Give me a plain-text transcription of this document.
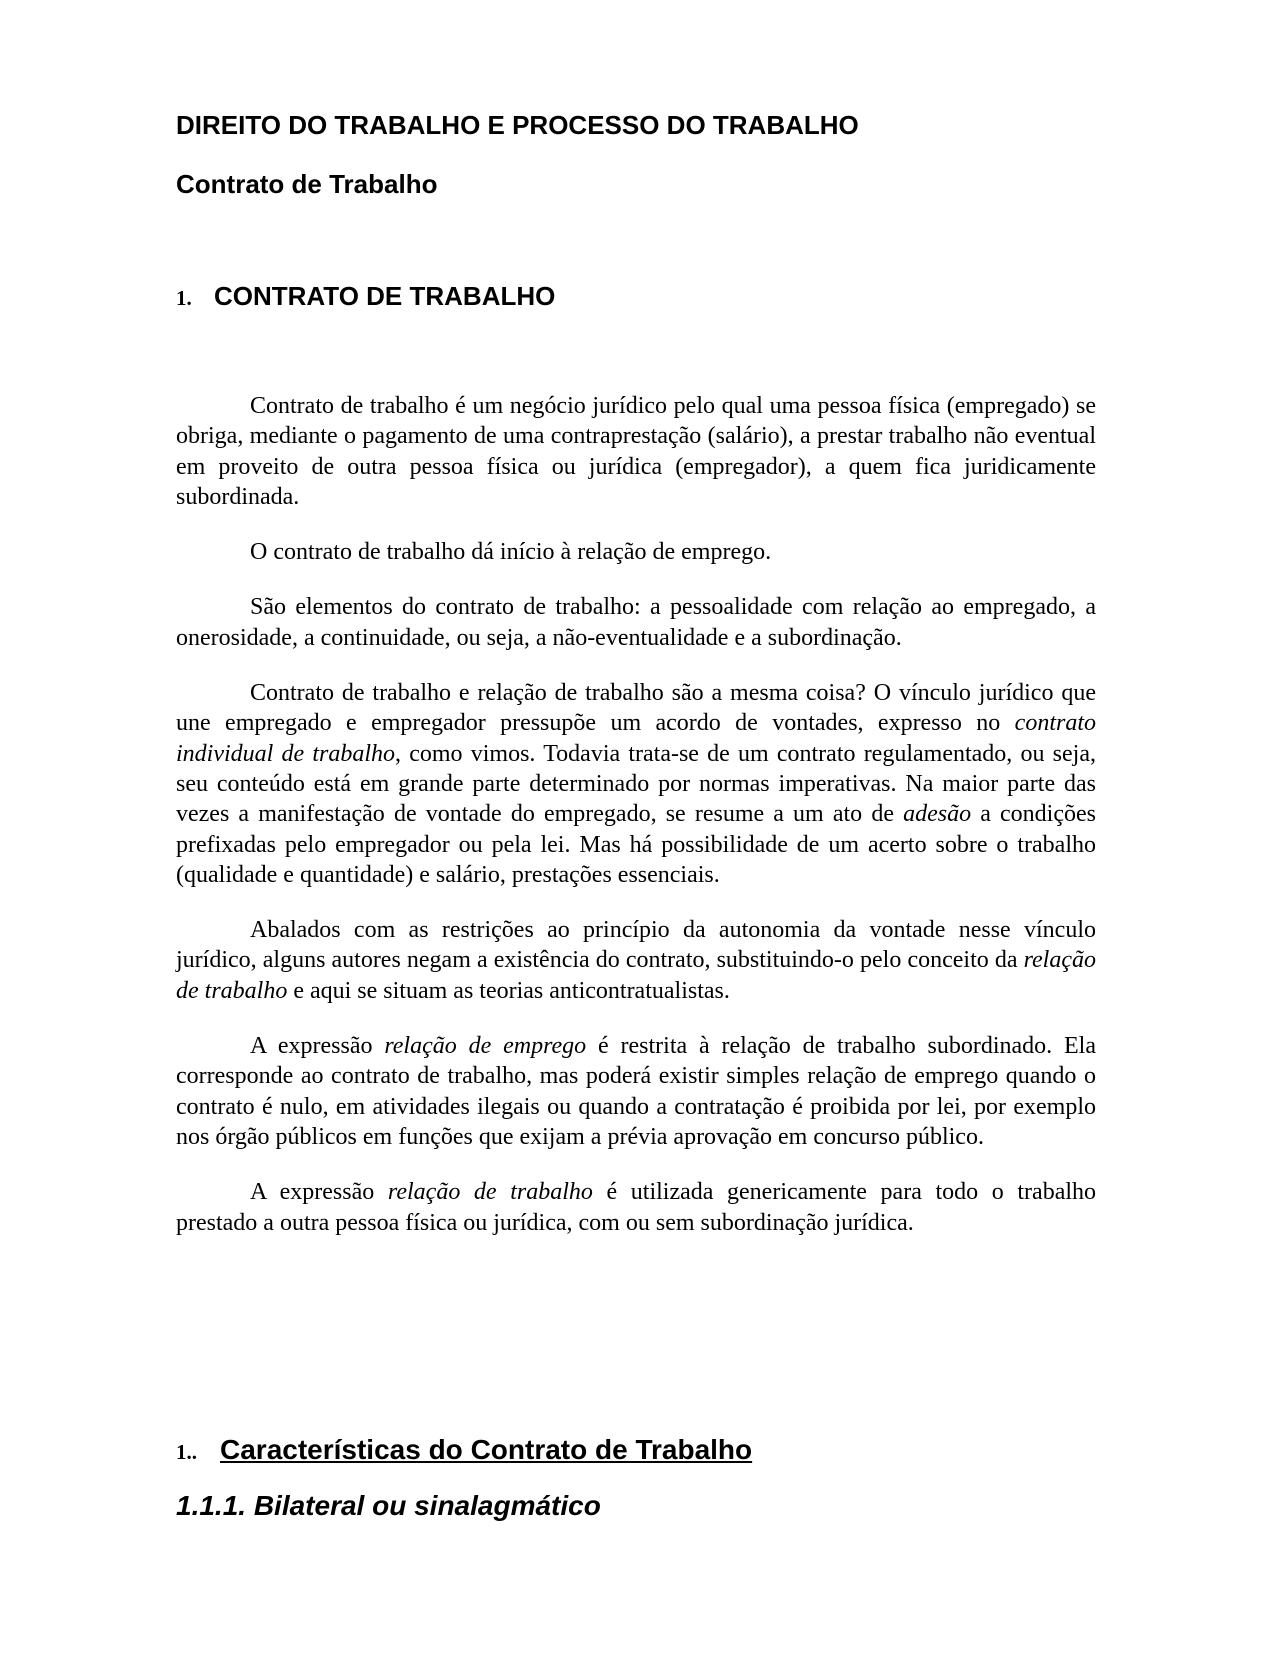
DIREITO DO TRABALHO E PROCESSO DO TRABALHO
Contrato de Trabalho
1. CONTRATO DE TRABALHO

Contrato de trabalho é um negócio jurídico pelo qual uma pessoa física (empregado) se obriga, mediante o pagamento de uma contraprestação (salário), a prestar trabalho não eventual em proveito de outra pessoa física ou jurídica (empregador), a quem fica juridicamente subordinada.

O contrato de trabalho dá início à relação de emprego.

São elementos do contrato de trabalho: a pessoalidade com relação ao empregado, a onerosidade, a continuidade, ou seja, a não-eventualidade e a subordinação.

Contrato de trabalho e relação de trabalho são a mesma coisa? O vínculo jurídico que une empregado e empregador pressupõe um acordo de vontades, expresso no contrato individual de trabalho, como vimos. Todavia trata-se de um contrato regulamentado, ou seja, seu conteúdo está em grande parte determinado por normas imperativas. Na maior parte das vezes a manifestação de vontade do empregado, se resume a um ato de adesão a condições prefixadas pelo empregador ou pela lei. Mas há possibilidade de um acerto sobre o trabalho (qualidade e quantidade) e salário, prestações essenciais.

Abalados com as restrições ao princípio da autonomia da vontade nesse vínculo jurídico, alguns autores negam a existência do contrato, substituindo-o pelo conceito da relação de trabalho e aqui se situam as teorias anticontratualistas.

A expressão relação de emprego é restrita à relação de trabalho subordinado. Ela corresponde ao contrato de trabalho, mas poderá existir simples relação de emprego quando o contrato é nulo, em atividades ilegais ou quando a contratação é proibida por lei, por exemplo nos órgão públicos em funções que exijam a prévia aprovação em concurso público.

A expressão relação de trabalho é utilizada genericamente para todo o trabalho prestado a outra pessoa física ou jurídica, com ou sem subordinação jurídica.

1.. Características do Contrato de Trabalho
1.1.1. Bilateral ou sinalagmático
